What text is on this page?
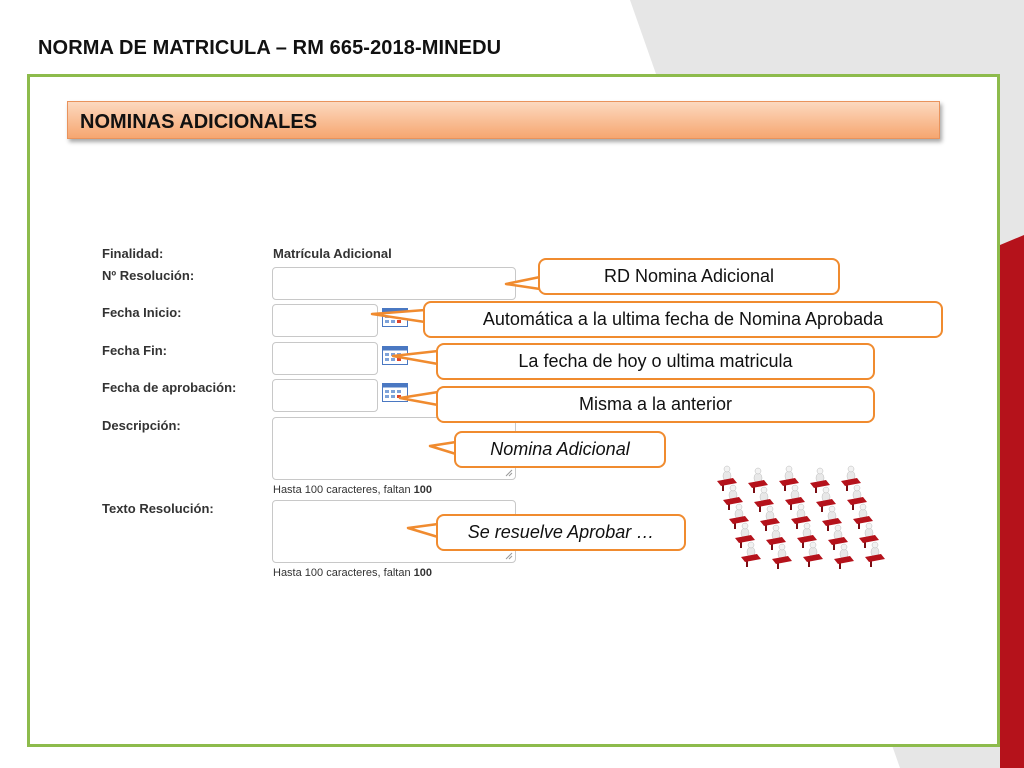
NORMA DE MATRICULA – RM 665-2018-MINEDU
NOMINAS ADICIONALES
Finalidad:	Matrícula Adicional
Nº Resolución:
Fecha Inicio:
Fecha Fin:
Fecha de aprobación:
Descripción:
Hasta 100 caracteres, faltan 100
Texto Resolución:
Hasta 100 caracteres, faltan 100
RD Nomina Adicional
Automática a la ultima fecha de Nomina Aprobada
La fecha de hoy o ultima matricula
Misma a la anterior
Nomina Adicional
Se resuelve Aprobar …
